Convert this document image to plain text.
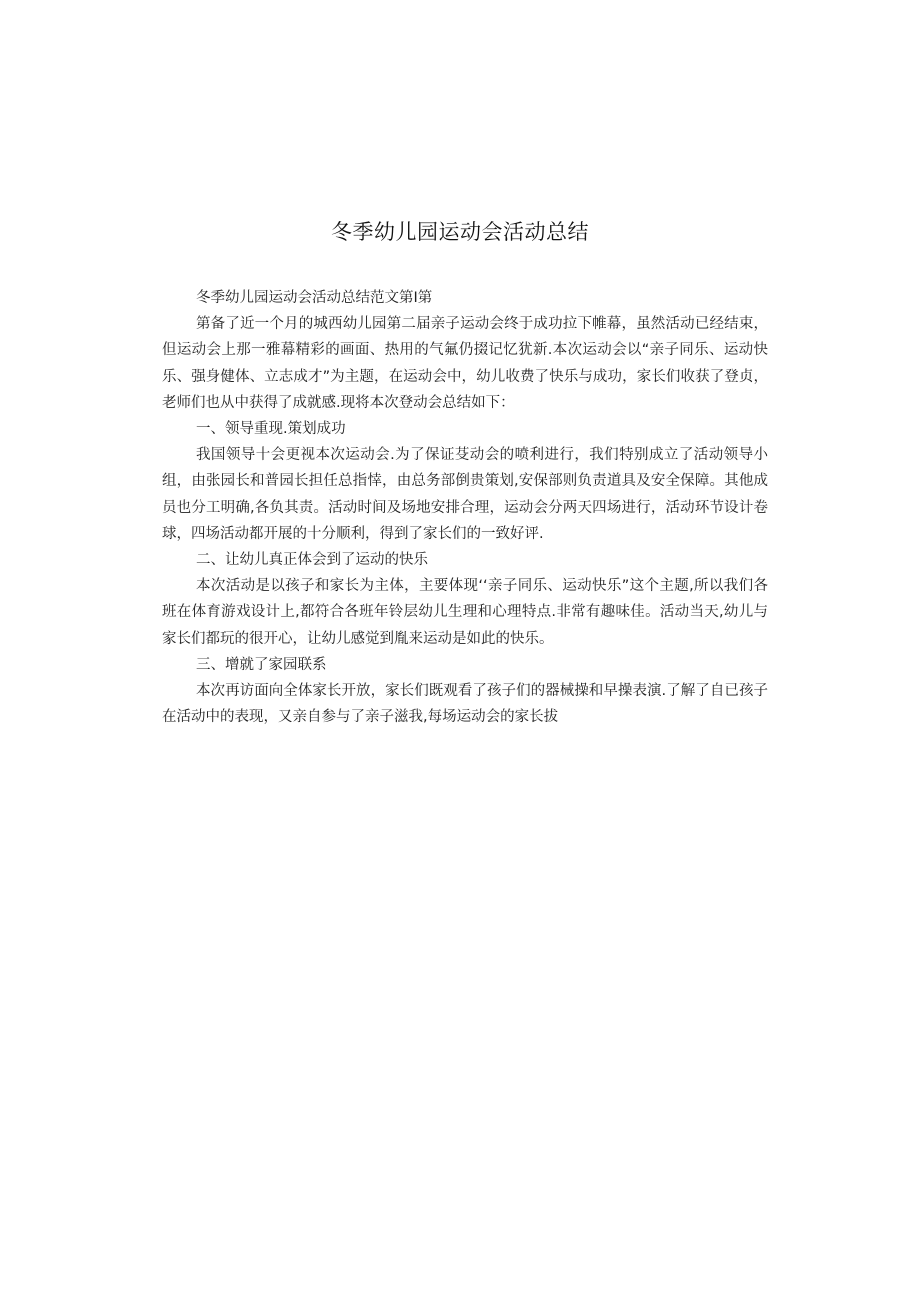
冬季幼儿园运动会活动总结

冬季幼儿园运动会活动总结范文第I第

第备了近一个月的城西幼儿园第二届亲子运动会终于成功拉下帷幕，虽然活动已经结束，但运动会上那一雅幕精彩的画面、热用的气氟仍掇记忆犹新.本次运动会以“亲子同乐、运动快乐、强身健体、立志成才”为主题，在运动会中，幼儿收费了快乐与成功，家长们收获了登贞，老师们也从中获得了成就感.现将本次登动会总结如下：

一、领导重现.策划成功

我国领导十会更视本次运动会.为了保证芟动会的喷利进行，我们特别成立了活动领导小组，由张园长和普园长担任总指悻，由总务部倒贵策划,安保部则负责道具及安全保障。其他成员也分工明确,各负其责。活动时间及场地安排合理，运动会分两天四场进行，活动环节设计卷球，四场活动都开展的十分顺利，得到了家长们的一致好评.

二、让幼儿真正体会到了运动的快乐

本次活动是以孩子和家长为主体，主要体现‘‘亲子同乐、运动快乐”这个主题,所以我们各班在体育游戏设计上,都符合各班年铃层幼儿生理和心理特点.非常有趣味佳。活动当天,幼儿与家长们都玩的很开心，让幼儿感觉到胤来运动是如此的快乐。

三、增就了家园联系

本次再访面向全体家长开放，家长们既观看了孩子们的器械操和早操表演.了解了自已孩子在活动中的表现，又亲自参与了亲子滋我,每场运动会的家长拔
